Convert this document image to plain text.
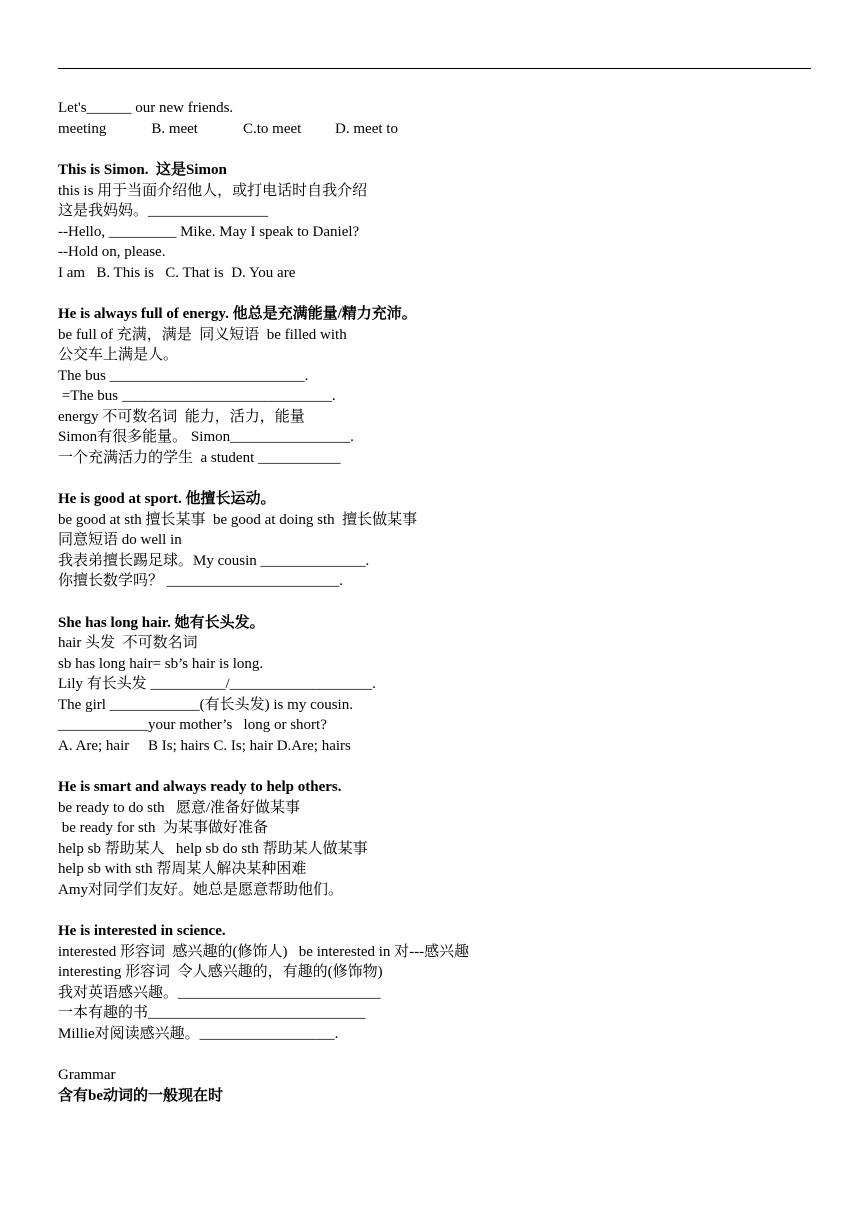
Let's______ our new friends.
meeting            B. meet            C.to meet         D. meet to
This is Simon.  这是Simon
this is 用于当面介绍他人，或打电话时自我介绍
这是我妈妈。________________
--Hello, _________ Mike. May I speak to Daniel?
--Hold on, please.
I am   B. This is   C. That is  D. You are
He is always full of energy. 他总是充满能量/精力充沛。
be full of 充满，满是  同义短语  be filled with
公交车上满是人。
The bus __________________________.
=The bus ____________________________.
energy 不可数名词  能力，活力，能量
Simon有很多能量。 Simon________________.
一个充满活力的学生  a student ___________
He is good at sport. 他擅长运动。
be good at sth 擅长某事  be good at doing sth  擅长做某事
同意短语 do well in
我表弟擅长踢足球。My cousin ______________.
你擅长数学吗？ _______________________.
She has long hair. 她有长头发。
hair 头发  不可数名词
sb has long hair= sb’s hair is long.
Lily 有长头发 __________/___________________.
The girl ____________(有长头发) is my cousin.
____________your mother’s   long or short?
A. Are; hair     B Is; hairs C. Is; hair D.Are; hairs
He is smart and always ready to help others.
be ready to do sth   愿意/准备好做某事
be ready for sth  为某事做好准备
help sb 帮助某人   help sb do sth 帮助某人做某事
help sb with sth 帮周某人解决某种困难
Amy对同学们友好。她总是愿意帮助他们。
He is interested in science.
interested 形容词  感兴趣的(修饰人)   be interested in 对---感兴趣
interesting 形容词  令人感兴趣的，有趣的(修饰物)
我对英语感兴趣。___________________________
一本有趣的书_____________________________
Millie对阅读感兴趣。__________________.
Grammar
含有be动词的一般现在时
